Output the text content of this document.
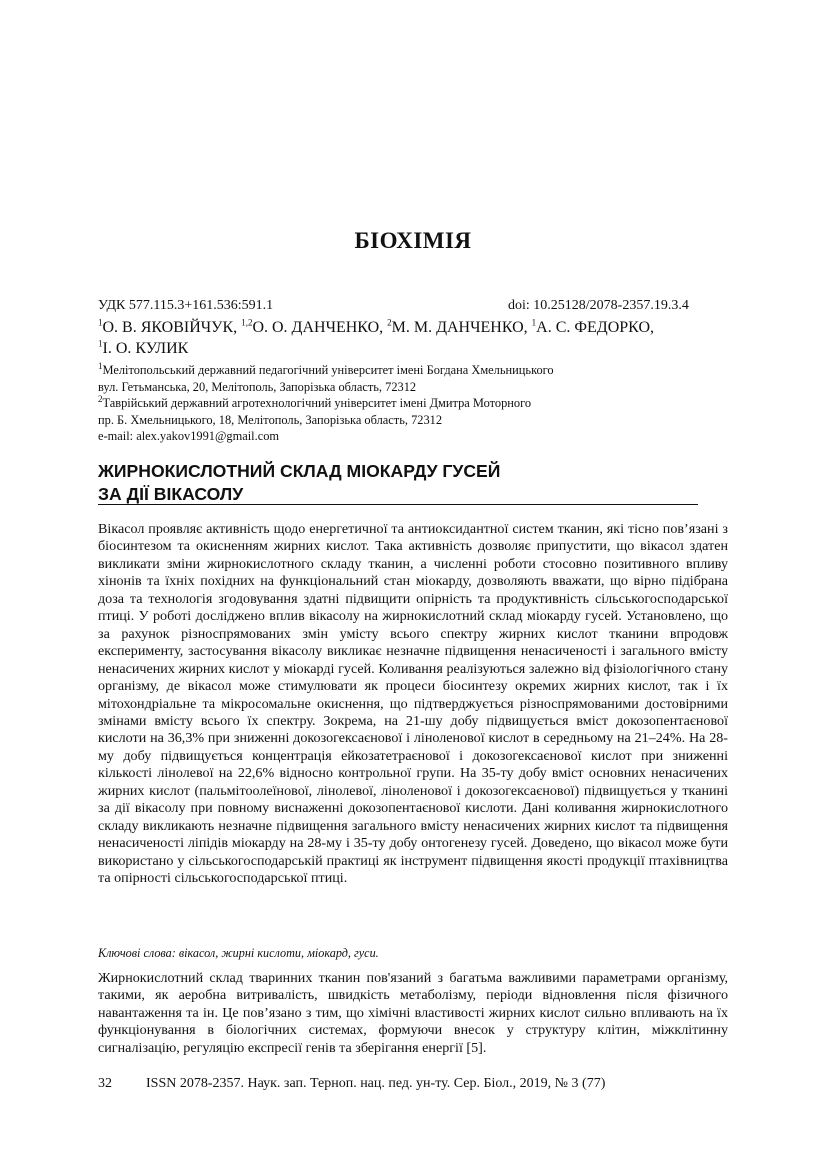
БІОХІМІЯ
УДК 577.115.3+161.536:591.1	doi: 10.25128/2078-2357.19.3.4
$^1$О. В. ЯКОВІЙЧУК, $^{1,2}$О. О. ДАНЧЕНКО, $^2$М. М. ДАНЧЕНКО, $^1$А. С. ФЕДОРКО,
$^1$І. О. КУЛИК
$^1$Мелітопольський державний педагогічний університет імені Богдана Хмельницького
вул. Гетьманська, 20, Мелітополь, Запорізька область, 72312
$^2$Таврійський державний агротехнологічний університет імені Дмитра Моторного
пр. Б. Хмельницького, 18, Мелітополь, Запорізька область, 72312
e-mail: alex.yakov1991@gmail.com
ЖИРНОКИСЛОТНИЙ СКЛАД МІОКАРДУ ГУСЕЙ
ЗА ДІЇ ВІКАСОЛУ
Вікасол проявляє активність щодо енергетичної та антиоксидантної систем тканин, які тісно пов’язані з біосинтезом та окисненням жирних кислот. Така активність дозволяє припустити, що вікасол здатен викликати зміни жирнокислотного складу тканин, а численні роботи стосовно позитивного впливу хінонів та їхніх похідних на функціональний стан міокарду, дозволяють вважати, що вірно підібрана доза та технологія згодовування здатні підвищити опірність та продуктивність сільськогосподарської птиці. У роботі досліджено вплив вікасолу на жирнокислотний склад міокарду гусей. Установлено, що за рахунок різноспрямованих змін умісту всього спектру жирних кислот тканини впродовж експерименту, застосування вікасолу викликає незначне підвищення ненасиченості і загального вмісту ненасичених жирних кислот у міокарді гусей. Коливання реалізуються залежно від фізіологічного стану організму, де вікасол може стимулювати як процеси біосинтезу окремих жирних кислот, так і їх мітохондріальне та мікросомальне окиснення, що підтверджується різноспрямованими достовірними змінами вмісту всього їх спектру. Зокрема, на 21-шу добу підвищується вміст докозопентаєнової кислоти на 36,3% при зниженні докозогексаєнової і ліноленової кислот в середньому на 21–24%. На 28-му добу підвищується концентрація ейкозатетраєнової і докозогексаєнової кислот при зниженні кількості лінолевої на 22,6% відносно контрольної групи. На 35-ту добу вміст основних ненасичених жирних кислот (пальмітоолеїнової, лінолевої, ліноленової і докозогексаєнової) підвищується у тканині за дії вікасолу при повному виснаженні докозопентаєнової кислоти. Дані коливання жирнокислотного складу викликають незначне підвищення загального вмісту ненасичених жирних кислот та підвищення ненасиченості ліпідів міокарду на 28-му і 35-ту добу онтогенезу гусей. Доведено, що вікасол може бути використано у сільськогосподарській практиці як інструмент підвищення якості продукції птахівництва та опірності сільськогосподарської птиці.
Ключові слова: вікасол, жирні кислоти, міокард, гуси.
Жирнокислотний склад тваринних тканин пов'язаний з багатьма важливими параметрами організму, такими, як аеробна витривалість, швидкість метаболізму, періоди відновлення після фізичного навантаження та ін. Це пов’язано з тим, що хімічні властивості жирних кислот сильно впливають на їх функціонування в біологічних системах, формуючи внесок у структуру клітин, міжклітинну сигналізацію, регуляцію експресії генів та зберігання енергії [5].
32 ISSN 2078-2357. Наук. зап. Терноп. нац. пед. ун-ту. Сер. Біол., 2019, № 3 (77)
